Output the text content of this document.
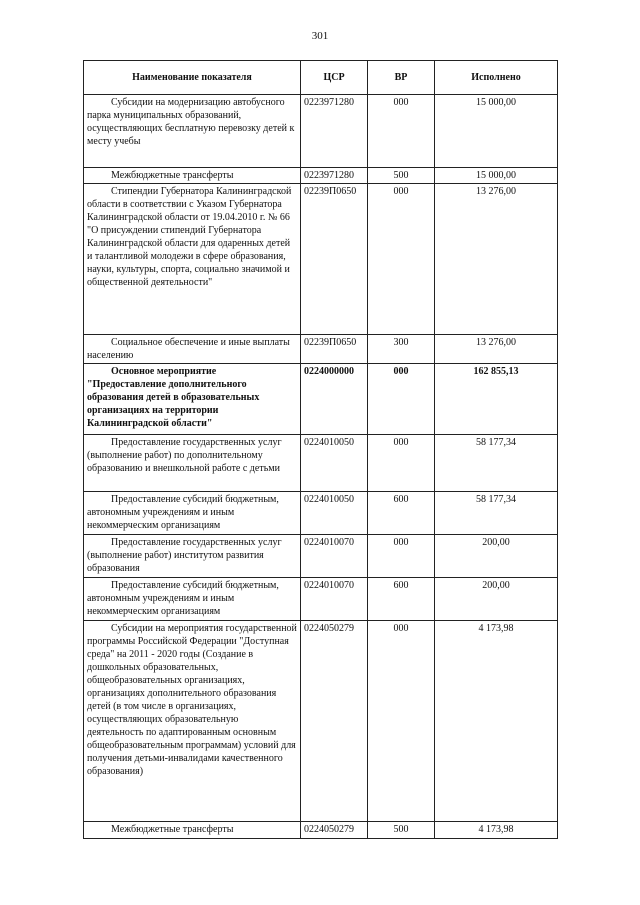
301
Наименование показателя	ЦСР	ВР	Исполнено
Субсидии на модернизацию автобусного парка муниципальных образований, осуществляющих бесплатную перевозку детей к месту учебы	0223971280	000	15 000,00
Межбюджетные трансферты	0223971280	500	15 000,00
Стипендии Губернатора Калининградской области в соответствии с Указом Губернатора Калининградской области от 19.04.2010 г. № 66 "О присуждении стипендий Губернатора Калининградской области для одаренных детей и талантливой молодежи в сфере образования, науки, культуры, спорта, социально значимой и общественной деятельности"	02239П0650	000	13 276,00
Социальное обеспечение и иные выплаты населению	02239П0650	300	13 276,00
Основное мероприятие "Предоставление дополнительного образования детей в образовательных организациях на территории Калининградской области"	0224000000	000	162 855,13
Предоставление государственных услуг (выполнение работ) по дополнительному образованию и внешкольной работе с детьми	0224010050	000	58 177,34
Предоставление субсидий бюджетным, автономным учреждениям и иным некоммерческим организациям	0224010050	600	58 177,34
Предоставление государственных услуг (выполнение работ) институтом развития образования	0224010070	000	200,00
Предоставление субсидий бюджетным, автономным учреждениям и иным некоммерческим организациям	0224010070	600	200,00
Субсидии на мероприятия государственной программы Российской Федерации "Доступная среда" на 2011 - 2020 годы (Создание в дошкольных образовательных, общеобразовательных организациях, организациях дополнительного образования детей (в том числе в организациях, осуществляющих образовательную деятельность по адаптированным основным общеобразовательным программам) условий для получения детьми-инвалидами качественного образования)	0224050279	000	4 173,98
Межбюджетные трансферты	0224050279	500	4 173,98
